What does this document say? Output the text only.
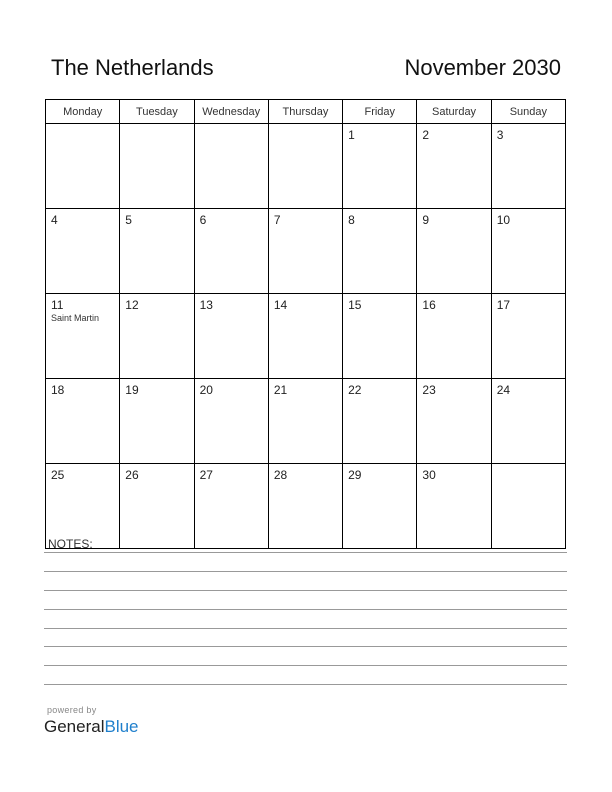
The Netherlands	November 2030
Monday	Tuesday	Wednesday	Thursday	Friday	Saturday	Sunday

				1	2	3

4	5	6	7	8	9	10

11
Saint Martin	12	13	14	15	16	17

18	19	20	21	22	23	24

25	26	27	28	29	30	

NOTES:
powered by
GeneralBlue
